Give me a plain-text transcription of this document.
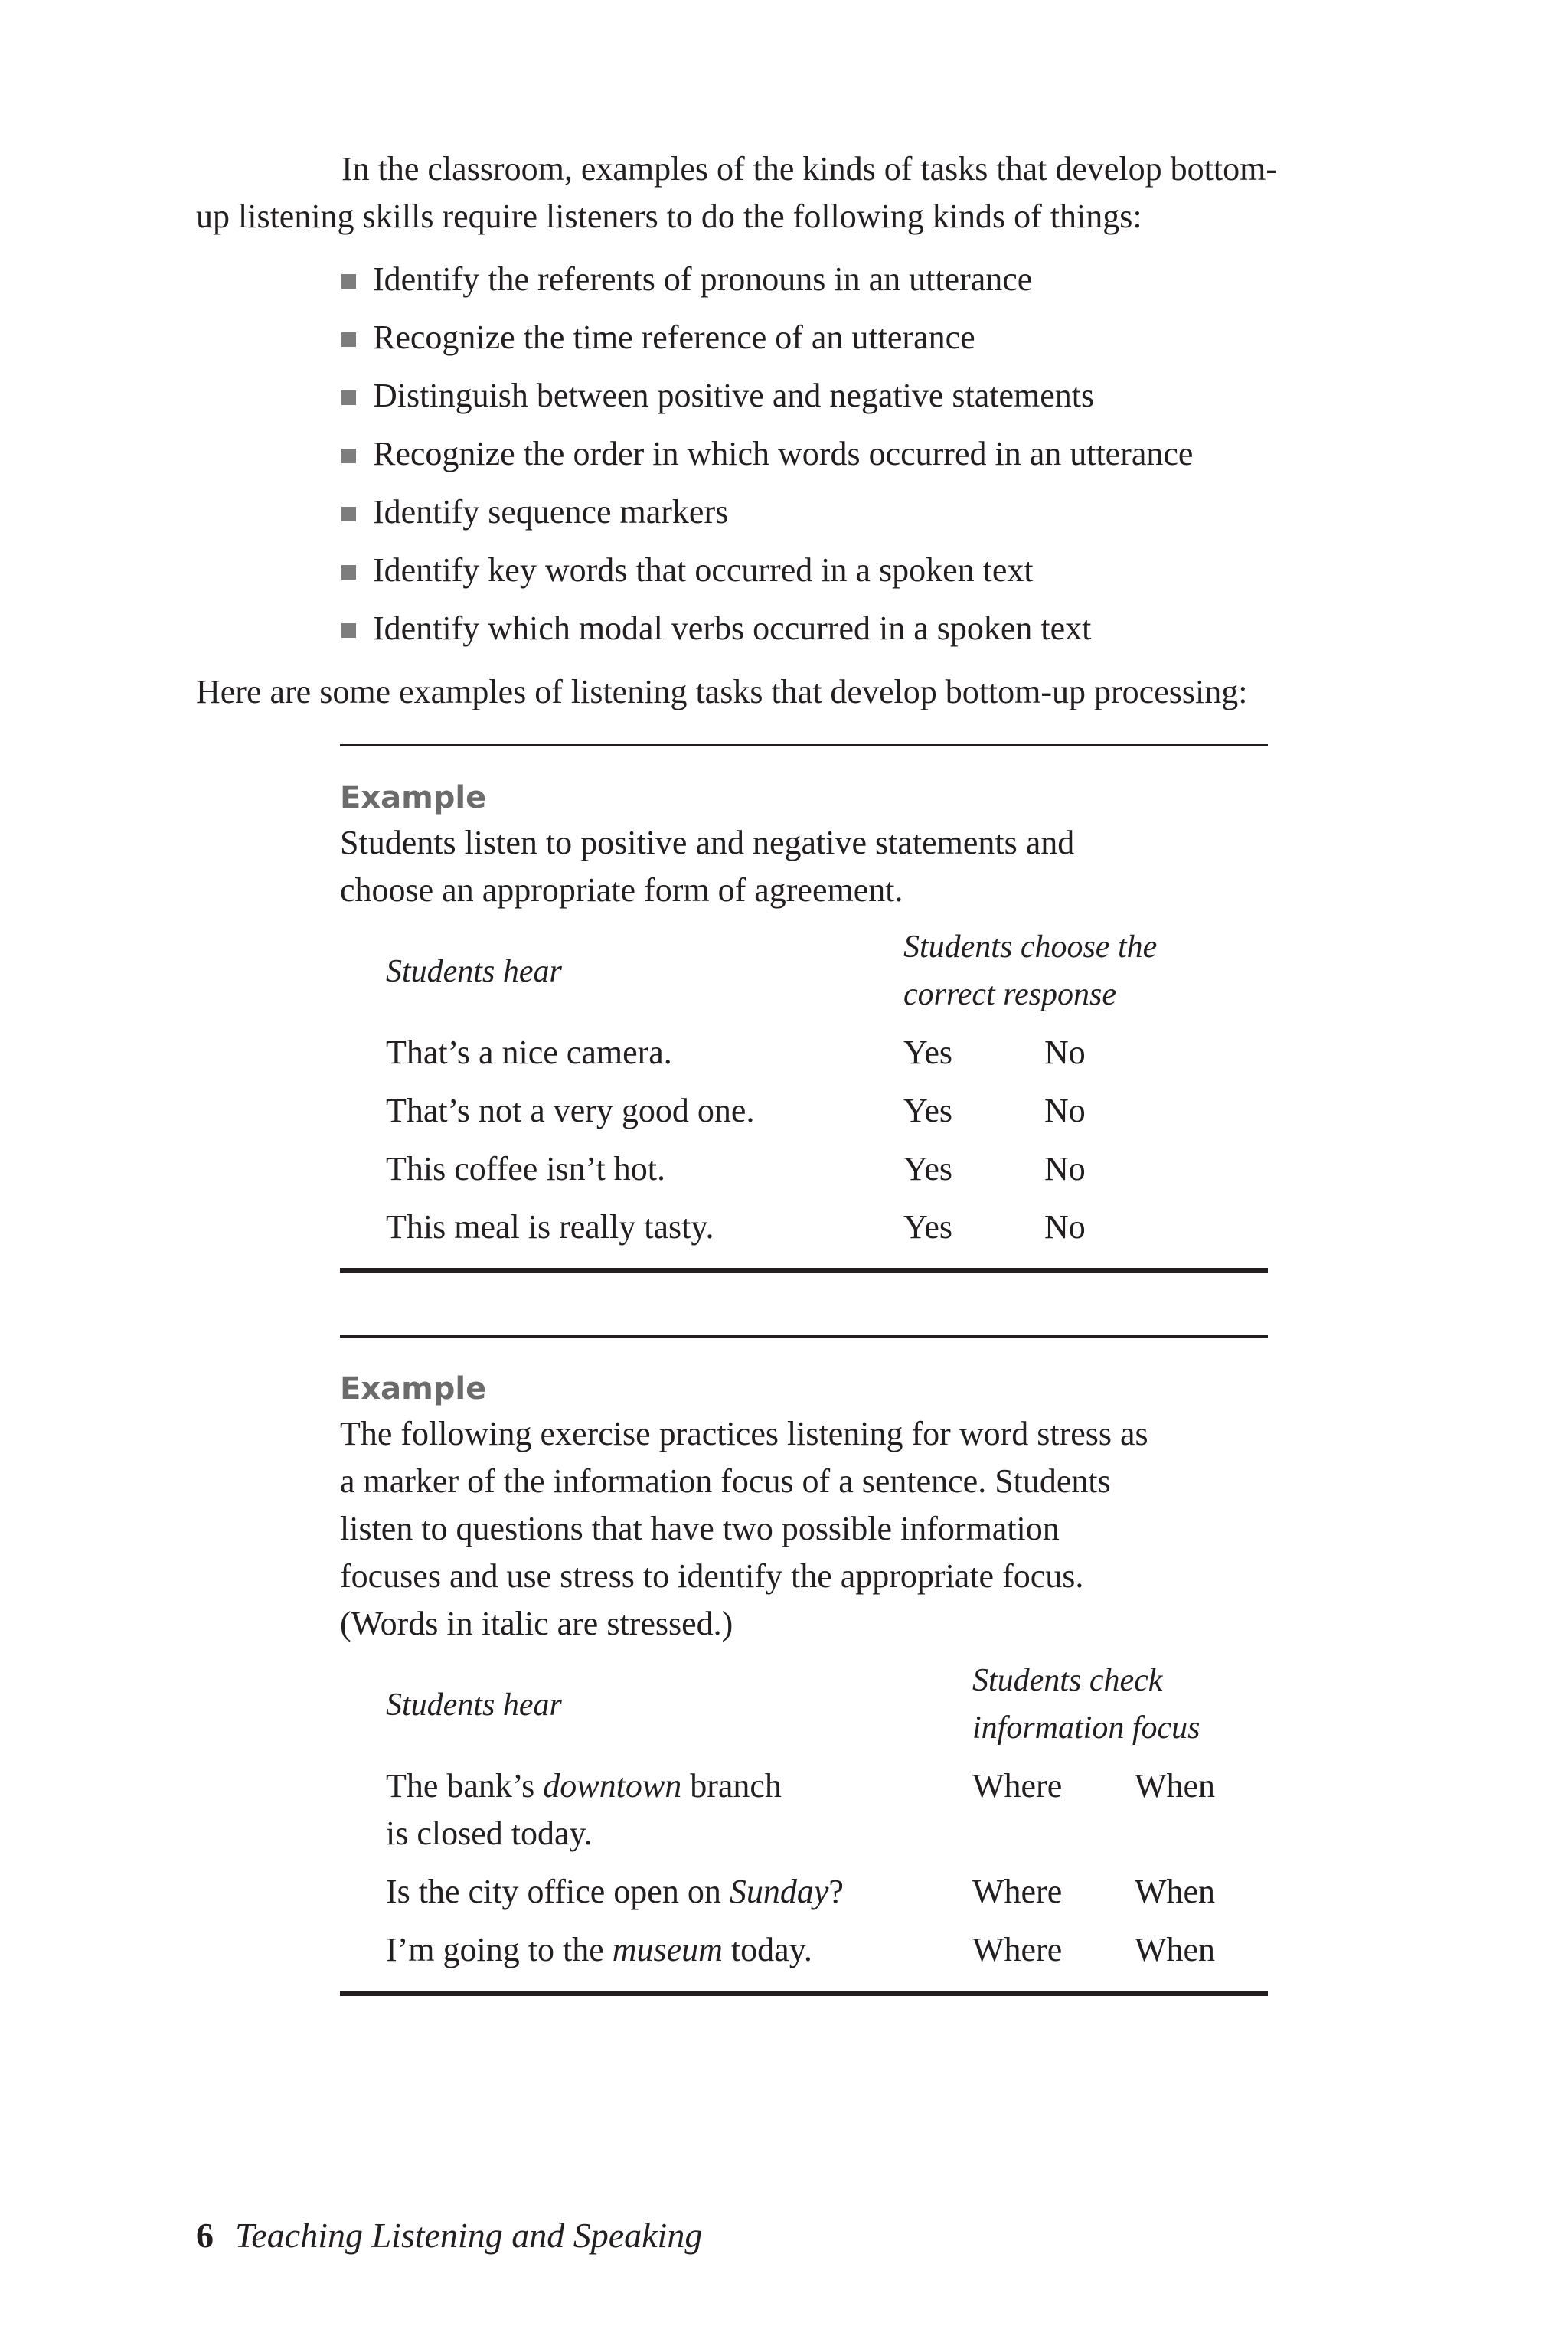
In the classroom, examples of the kinds of tasks that develop bottom-
up listening skills require listeners to do the following kinds of things:
Identify the referents of pronouns in an utterance
Recognize the time reference of an utterance
Distinguish between positive and negative statements
Recognize the order in which words occurred in an utterance
Identify sequence markers
Identify key words that occurred in a spoken text
Identify which modal verbs occurred in a spoken text
Here are some examples of listening tasks that develop bottom-up processing:
Example
Students listen to positive and negative statements and
choose an appropriate form of agreement.
Students hear
Students choose the
correct response
That’s a nice camera.	Yes	No
That’s not a very good one.	Yes	No
This coffee isn’t hot.	Yes	No
This meal is really tasty.	Yes	No
Example
The following exercise practices listening for word stress as
a marker of the information focus of a sentence. Students
listen to questions that have two possible information
focuses and use stress to identify the appropriate focus.
(Words in italic are stressed.)
Students hear
Students check
information focus
The bank’s downtown branch
is closed today.
Where When
Is the city office open on Sunday?	Where When
I’m going to the museum today.	Where When
6 Teaching Listening and Speaking
